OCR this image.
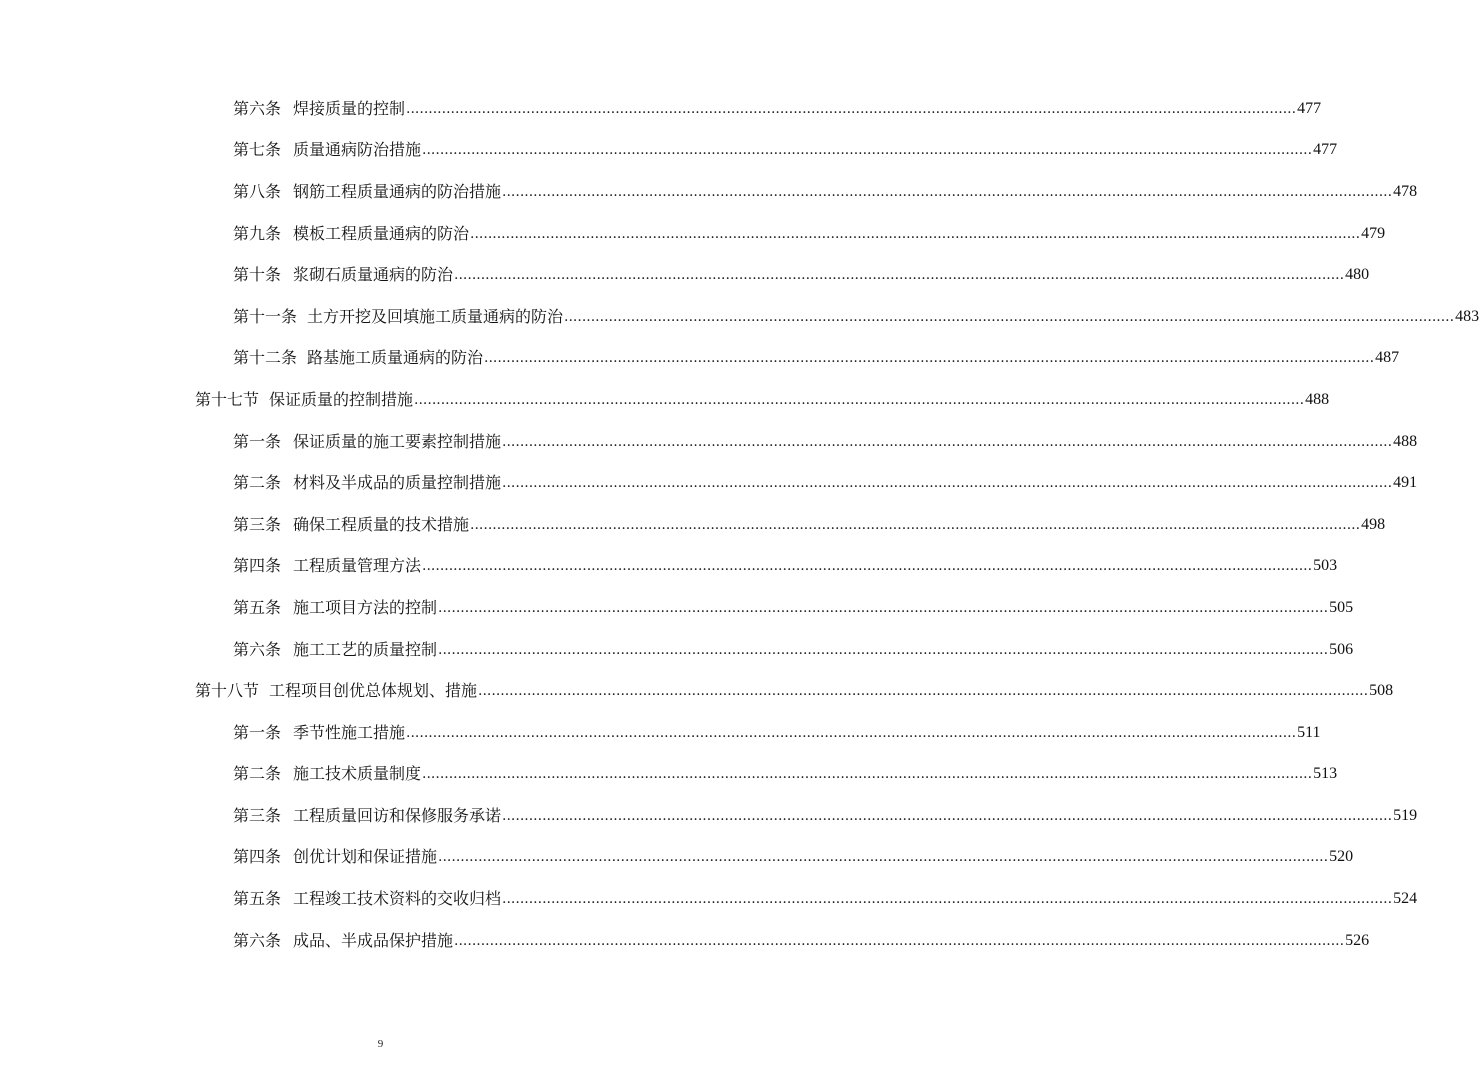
第六条 焊接质量的控制 ........................................................................................................................................................................................................ 477
第七条 质量通病防治措施 ........................................................................................................................................................................................................ 477
第八条 钢筋工程质量通病的防治措施 ........................................................................................................................................................................................................ 478
第九条 模板工程质量通病的防治 ........................................................................................................................................................................................................ 479
第十条 浆砌石质量通病的防治 ........................................................................................................................................................................................................ 480
第十一条 土方开挖及回填施工质量通病的防治 ........................................................................................................................................................................................................ 483
第十二条 路基施工质量通病的防治 ........................................................................................................................................................................................................ 487
第十七节 保证质量的控制措施 ........................................................................................................................................................................................................ 488
第一条 保证质量的施工要素控制措施 ........................................................................................................................................................................................................ 488
第二条 材料及半成品的质量控制措施 ........................................................................................................................................................................................................ 491
第三条 确保工程质量的技术措施 ........................................................................................................................................................................................................ 498
第四条 工程质量管理方法 ........................................................................................................................................................................................................ 503
第五条 施工项目方法的控制 ........................................................................................................................................................................................................ 505
第六条 施工工艺的质量控制 ........................................................................................................................................................................................................ 506
第十八节 工程项目创优总体规划、措施 ........................................................................................................................................................................................................ 508
第一条 季节性施工措施 ........................................................................................................................................................................................................ 511
第二条 施工技术质量制度 ........................................................................................................................................................................................................ 513
第三条 工程质量回访和保修服务承诺 ........................................................................................................................................................................................................ 519
第四条 创优计划和保证措施 ........................................................................................................................................................................................................ 520
第五条 工程竣工技术资料的交收归档 ........................................................................................................................................................................................................ 524
第六条 成品、半成品保护措施 ........................................................................................................................................................................................................ 526
9
